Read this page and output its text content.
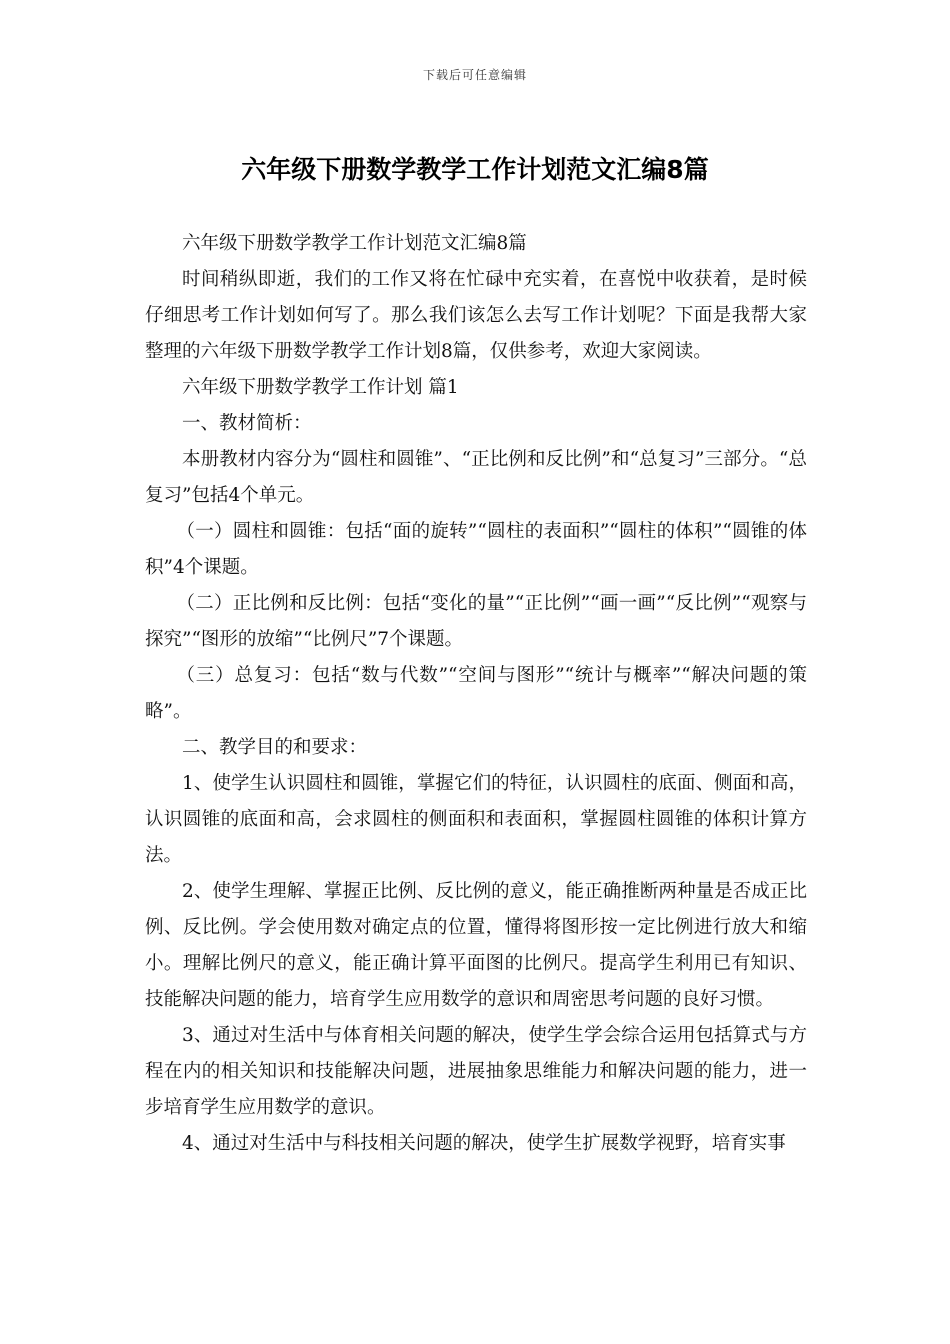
下载后可任意编辑
六年级下册数学教学工作计划范文汇编8篇

六年级下册数学教学工作计划范文汇编8篇

时间稍纵即逝，我们的工作又将在忙碌中充实着，在喜悦中收获着，是时候仔细思考工作计划如何写了。那么我们该怎么去写工作计划呢？下面是我帮大家整理的六年级下册数学教学工作计划8篇，仅供参考，欢迎大家阅读。

六年级下册数学教学工作计划 篇1

一、教材简析：

本册教材内容分为“圆柱和圆锥”、“正比例和反比例”和“总复习”三部分。“总复习”包括4个单元。

（一）圆柱和圆锥：包括“面的旋转”“圆柱的表面积”“圆柱的体积”“圆锥的体积”4个课题。

（二）正比例和反比例：包括“变化的量”“正比例”“画一画”“反比例”“观察与探究”“图形的放缩”“比例尺”7个课题。

（三）总复习：包括“数与代数”“空间与图形”“统计与概率”“解决问题的策略”。

二、教学目的和要求：

1、使学生认识圆柱和圆锥，掌握它们的特征，认识圆柱的底面、侧面和高，认识圆锥的底面和高，会求圆柱的侧面积和表面积，掌握圆柱圆锥的体积计算方法。

2、使学生理解、掌握正比例、反比例的意义，能正确推断两种量是否成正比例、反比例。学会使用数对确定点的位置，懂得将图形按一定比例进行放大和缩小。理解比例尺的意义，能正确计算平面图的比例尺。提高学生利用已有知识、技能解决问题的能力，培育学生应用数学的意识和周密思考问题的良好习惯。

3、通过对生活中与体育相关问题的解决，使学生学会综合运用包括算式与方程在内的相关知识和技能解决问题，进展抽象思维能力和解决问题的能力，进一步培育学生应用数学的意识。

4、通过对生活中与科技相关问题的解决，使学生扩展数学视野，培育实事
